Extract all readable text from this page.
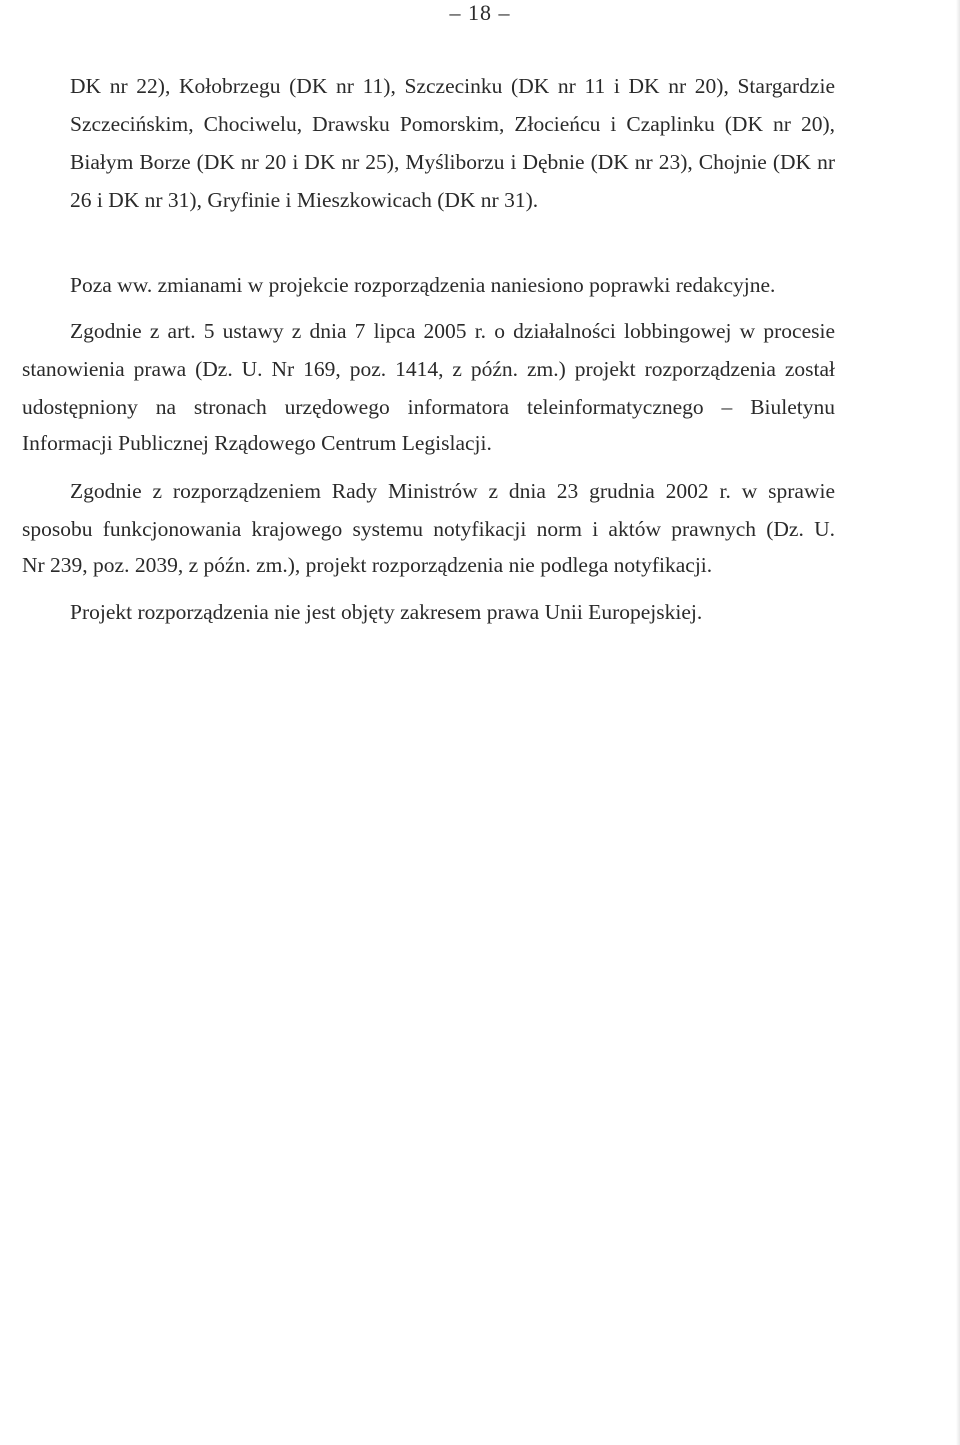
– 18 –
DK nr 22), Kołobrzegu (DK nr 11), Szczecinku (DK nr 11 i DK nr 20), Stargardzie
Szczecińskim, Chociwelu, Drawsku Pomorskim, Złocieńcu i Czaplinku (DK nr 20),
Białym Borze (DK nr 20 i DK nr 25), Myśliborzu i Dębnie (DK nr 23), Chojnie (DK nr
26 i DK nr 31), Gryfinie i Mieszkowicach (DK nr 31).
Poza ww. zmianami w projekcie rozporządzenia naniesiono poprawki redakcyjne.
Zgodnie z art. 5 ustawy z dnia 7 lipca 2005 r. o działalności lobbingowej w procesie
stanowienia prawa (Dz. U. Nr 169, poz. 1414, z późn. zm.) projekt rozporządzenia został
udostępniony na stronach urzędowego informatora teleinformatycznego – Biuletynu
Informacji Publicznej Rządowego Centrum Legislacji.
Zgodnie z rozporządzeniem Rady Ministrów z dnia 23 grudnia 2002 r. w sprawie
sposobu funkcjonowania krajowego systemu notyfikacji norm i aktów prawnych (Dz. U.
Nr 239, poz. 2039, z późn. zm.), projekt rozporządzenia nie podlega notyfikacji.
Projekt rozporządzenia nie jest objęty zakresem prawa Unii Europejskiej.
